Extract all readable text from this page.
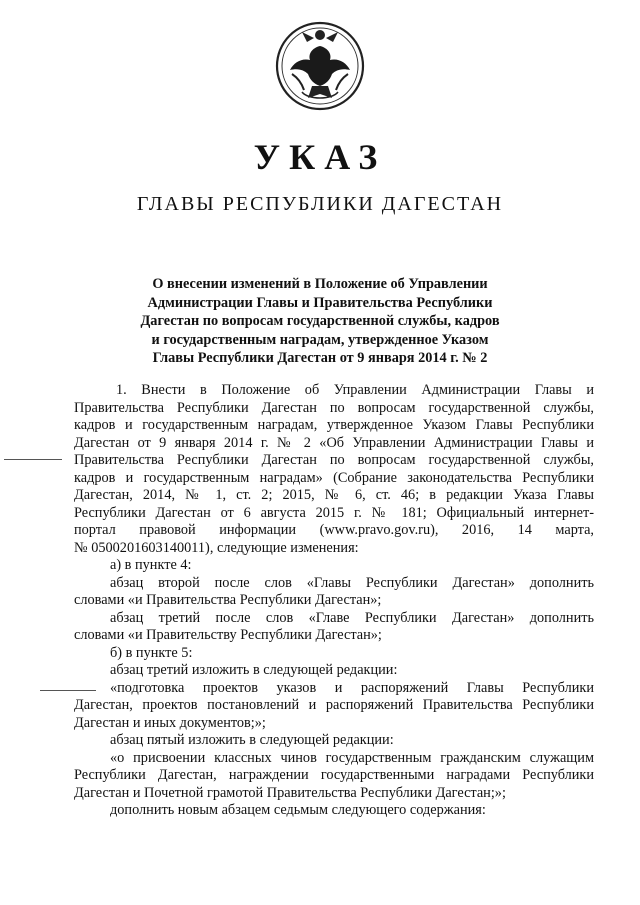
УКАЗ
ГЛАВЫ РЕСПУБЛИКИ ДАГЕСТАН
О внесении изменений в Положение об Управлении
Администрации Главы и Правительства Республики
Дагестан по вопросам государственной службы, кадров
и государственным наградам, утвержденное Указом
Главы Республики Дагестан от 9 января 2014 г. № 2
1. Внести в Положение об Управлении Администрации Главы и
Правительства Республики Дагестан по вопросам государственной службы,
кадров и государственным наградам, утвержденное Указом Главы Республики
Дагестан от 9 января 2014 г. № 2 «Об Управлении Администрации Главы и
Правительства Республики Дагестан по вопросам государственной службы,
кадров и государственным наградам» (Собрание законодательства Республики
Дагестан, 2014, № 1, ст. 2; 2015, № 6, ст. 46; в редакции Указа Главы
Республики Дагестан от 6 августа 2015 г. № 181; Официальный интернет-
портал правовой информации (www.pravo.gov.ru), 2016, 14 марта,
№ 0500201603140011), следующие изменения:
а) в пункте 4:
абзац второй после слов «Главы Республики Дагестан» дополнить
словами «и Правительства Республики Дагестан»;
абзац третий после слов «Главе Республики Дагестан» дополнить
словами «и Правительству Республики Дагестан»;
б) в пункте 5:
абзац третий изложить в следующей редакции:
«подготовка проектов указов и распоряжений Главы Республики
Дагестан, проектов постановлений и распоряжений Правительства Республики
Дагестан и иных документов;»;
абзац пятый изложить в следующей редакции:
«о присвоении классных чинов государственным гражданским служащим
Республики Дагестан, награждении государственными наградами Республики
Дагестан и Почетной грамотой Правительства Республики Дагестан;»;
дополнить новым абзацем седьмым следующего содержания:
